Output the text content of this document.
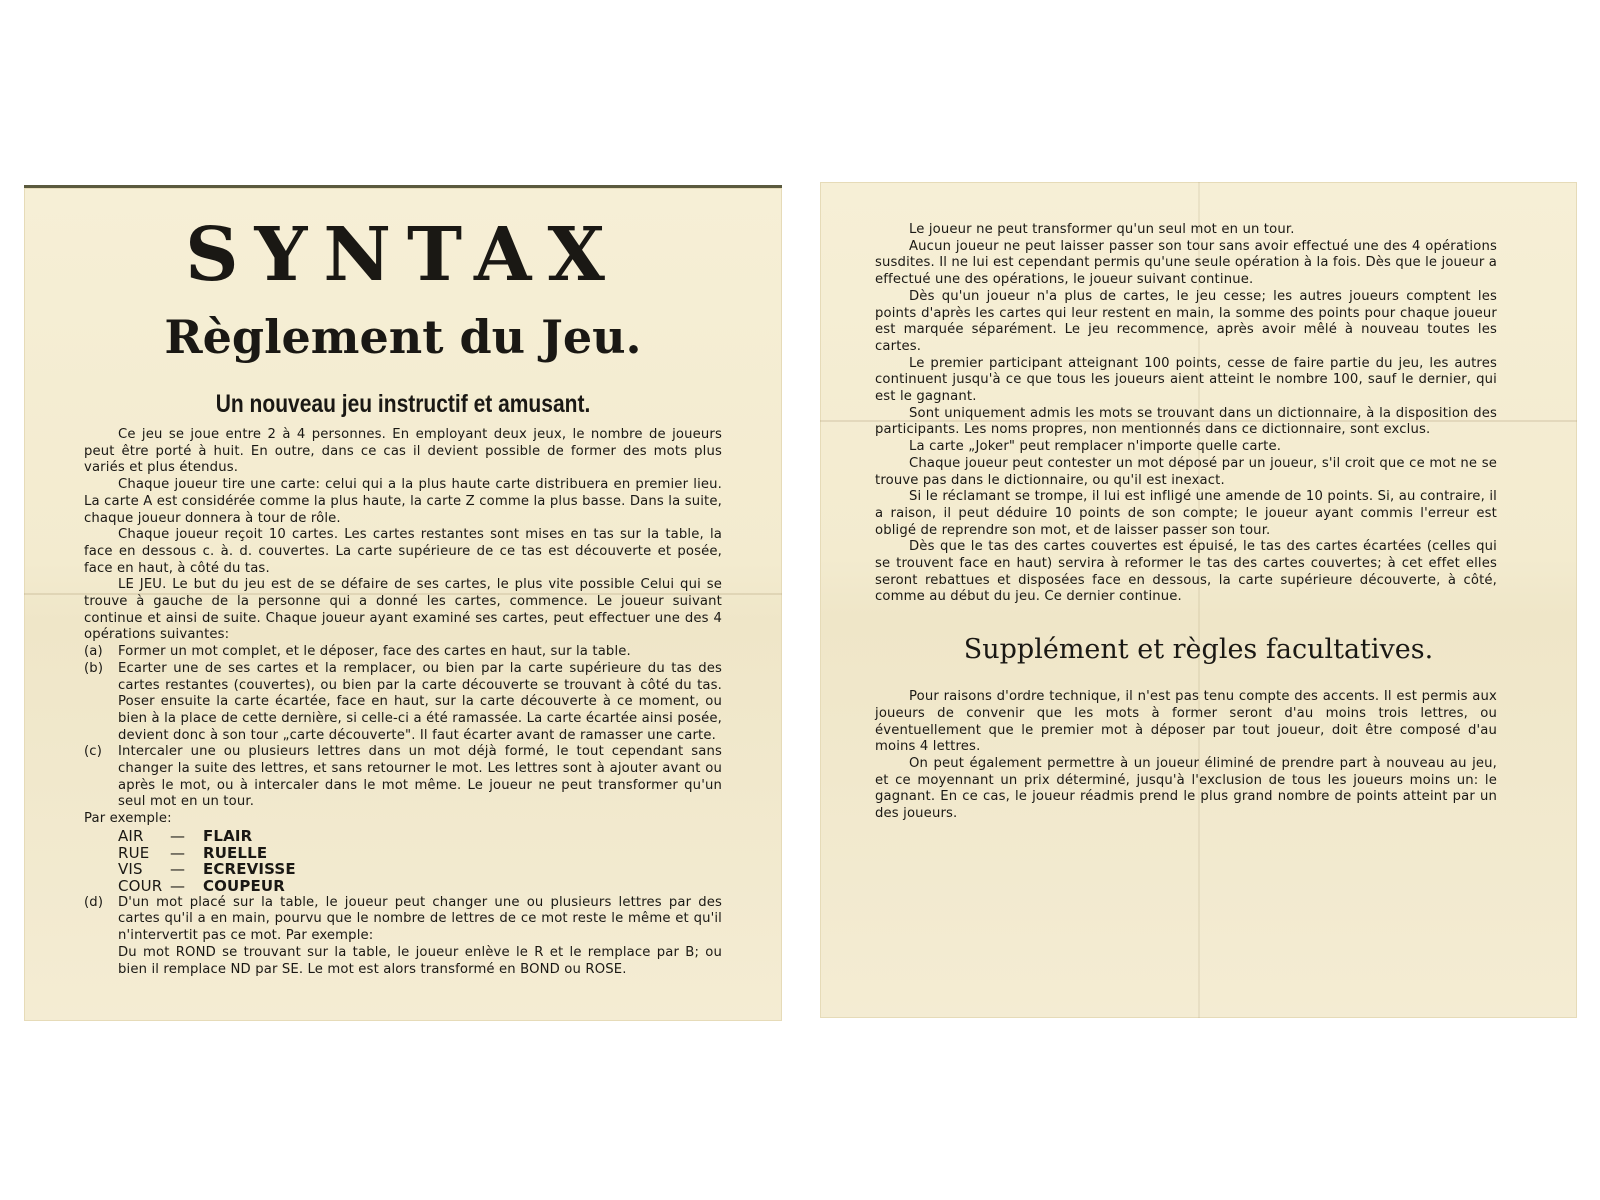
SYNTAX
Règlement du Jeu.
Un nouveau jeu instructif et amusant.

Ce jeu se joue entre 2 à 4 personnes. En employant deux jeux, le nombre de joueurs peut être porté à huit. En outre, dans ce cas il devient possible de former des mots plus variés et plus étendus.

Chaque joueur tire une carte: celui qui a la plus haute carte distribuera en premier lieu. La carte A est considérée comme la plus haute, la carte Z comme la plus basse. Dans la suite, chaque joueur donnera à tour de rôle.

Chaque joueur reçoit 10 cartes. Les cartes restantes sont mises en tas sur la table, la face en dessous c. à. d. couvertes. La carte supérieure de ce tas est découverte et posée, face en haut, à côté du tas.

LE JEU. Le but du jeu est de se défaire de ses cartes, le plus vite possible Celui qui se trouve à gauche de la personne qui a donné les cartes, commence. Le joueur suivant continue et ainsi de suite. Chaque joueur ayant examiné ses cartes, peut effectuer une des 4 opérations suivantes:

(a)	Former un mot complet, et le déposer, face des cartes en haut, sur la table.
(b)	Ecarter une de ses cartes et la remplacer, ou bien par la carte supérieure du tas des cartes restantes (couvertes), ou bien par la carte découverte se trouvant à côté du tas. Poser ensuite la carte écartée, face en haut, sur la carte découverte à ce moment, ou bien à la place de cette dernière, si celle-ci a été ramassée. La carte écartée ainsi posée, devient donc à son tour „carte découverte". Il faut écarter avant de ramasser une carte.
(c)	Intercaler une ou plusieurs lettres dans un mot déjà formé, le tout cependant sans changer la suite des lettres, et sans retourner le mot. Les lettres sont à ajouter avant ou après le mot, ou à intercaler dans le mot même. Le joueur ne peut transformer qu'un seul mot en un tour.

Par exemple:

AIR	—	FLAIR
RUE	—	RUELLE
VIS	—	ECREVISSE
COUR —	COUPEUR
(d)	D'un mot placé sur la table, le joueur peut changer une ou plusieurs lettres par des cartes qu'il a en main, pourvu que le nombre de lettres de ce mot reste le même et qu'il n'intervertit pas ce mot. Par exemple:
Du mot ROND se trouvant sur la table, le joueur enlève le R et le remplace par B; ou bien il remplace ND par SE. Le mot est alors transformé en BOND ou ROSE.

Le joueur ne peut transformer qu'un seul mot en un tour.

Aucun joueur ne peut laisser passer son tour sans avoir effectué une des 4 opérations susdites. Il ne lui est cependant permis qu'une seule opération à la fois. Dès que le joueur a effectué une des opérations, le joueur suivant continue.

Dès qu'un joueur n'a plus de cartes, le jeu cesse; les autres joueurs comptent les points d'après les cartes qui leur restent en main, la somme des points pour chaque joueur est marquée séparément. Le jeu recommence, après avoir mêlé à nouveau toutes les cartes.

Le premier participant atteignant 100 points, cesse de faire partie du jeu, les autres continuent jusqu'à ce que tous les joueurs aient atteint le nombre 100, sauf le dernier, qui est le gagnant.

Sont uniquement admis les mots se trouvant dans un dictionnaire, à la disposition des participants. Les noms propres, non mentionnés dans ce dictionnaire, sont exclus.

La carte „Joker" peut remplacer n'importe quelle carte.

Chaque joueur peut contester un mot déposé par un joueur, s'il croit que ce mot ne se trouve pas dans le dictionnaire, ou qu'il est inexact.

Si le réclamant se trompe, il lui est infligé une amende de 10 points. Si, au contraire, il a raison, il peut déduire 10 points de son compte; le joueur ayant commis l'erreur est obligé de reprendre son mot, et de laisser passer son tour.

Dès que le tas des cartes couvertes est épuisé, le tas des cartes écartées (celles qui se trouvent face en haut) servira à reformer le tas des cartes couvertes; à cet effet elles seront rebattues et disposées face en dessous, la carte supérieure découverte, à côté, comme au début du jeu. Ce dernier continue.

Supplément et règles facultatives.

Pour raisons d'ordre technique, il n'est pas tenu compte des accents. Il est permis aux joueurs de convenir que les mots à former seront d'au moins trois lettres, ou éventuellement que le premier mot à déposer par tout joueur, doit être composé d'au moins 4 lettres.

On peut également permettre à un joueur éliminé de prendre part à nouveau au jeu, et ce moyennant un prix déterminé, jusqu'à l'exclusion de tous les joueurs moins un: le gagnant. En ce cas, le joueur réadmis prend le plus grand nombre de points atteint par un des joueurs.
